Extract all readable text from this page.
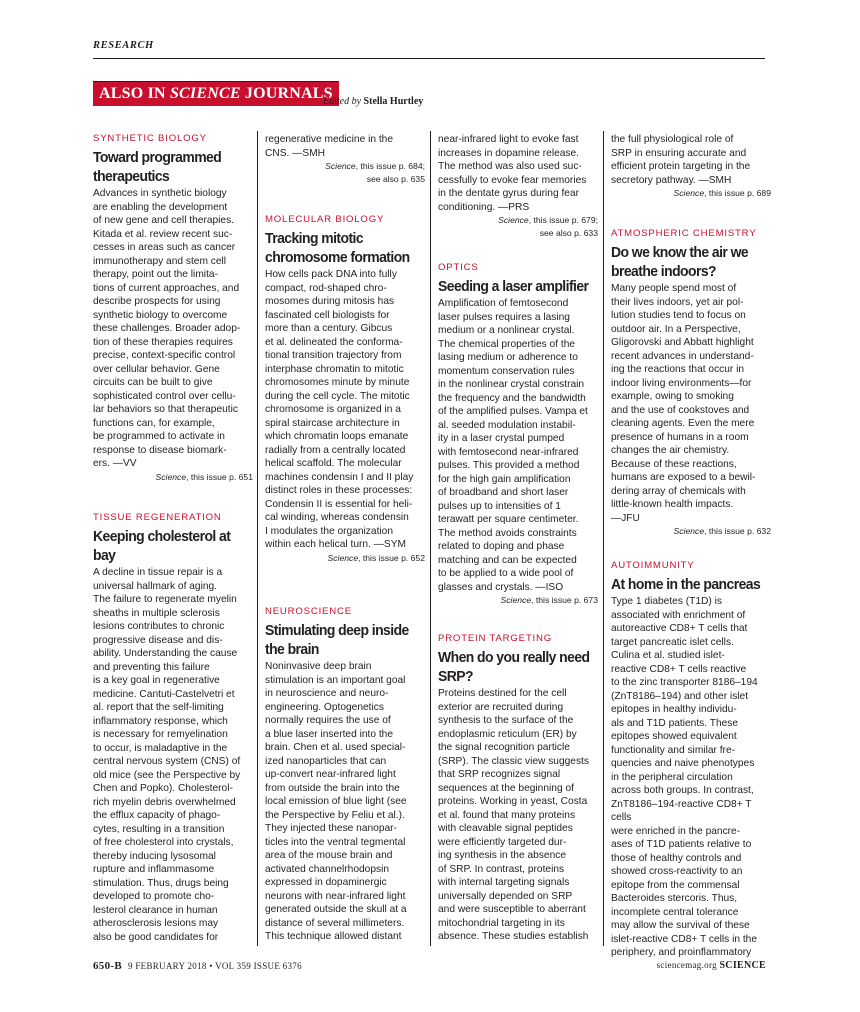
RESEARCH
ALSO IN SCIENCE JOURNALS
Edited by Stella Hurtley
SYNTHETIC BIOLOGY
Toward programmed therapeutics
Advances in synthetic biology
are enabling the development
of new gene and cell therapies.
Kitada et al. review recent suc-
cesses in areas such as cancer
immunotherapy and stem cell
therapy, point out the limita-
tions of current approaches, and
describe prospects for using
synthetic biology to overcome
these challenges. Broader adop-
tion of these therapies requires
precise, context-specific control
over cellular behavior. Gene
circuits can be built to give
sophisticated control over cellu-
lar behaviors so that therapeutic
functions can, for example,
be programmed to activate in
response to disease biomark-
ers. —VV
Science, this issue p. 651
TISSUE REGENERATION
Keeping cholesterol at bay
A decline in tissue repair is a
universal hallmark of aging.
The failure to regenerate myelin
sheaths in multiple sclerosis
lesions contributes to chronic
progressive disease and dis-
ability. Understanding the cause
and preventing this failure
is a key goal in regenerative
medicine. Cantuti-Castelvetri et
al. report that the self-limiting
inflammatory response, which
is necessary for remyelination
to occur, is maladaptive in the
central nervous system (CNS) of
old mice (see the Perspective by
Chen and Popko). Cholesterol-
rich myelin debris overwhelmed
the efflux capacity of phago-
cytes, resulting in a transition
of free cholesterol into crystals,
thereby inducing lysosomal
rupture and inflammasome
stimulation. Thus, drugs being
developed to promote cho-
lesterol clearance in human
atherosclerosis lesions may
also be good candidates for
regenerative medicine in the
CNS. —SMH
Science, this issue p. 684;
see also p. 635
MOLECULAR BIOLOGY
Tracking mitotic chromosome formation
How cells pack DNA into fully
compact, rod-shaped chro-
mosomes during mitosis has
fascinated cell biologists for
more than a century. Gibcus
et al. delineated the conforma-
tional transition trajectory from
interphase chromatin to mitotic
chromosomes minute by minute
during the cell cycle. The mitotic
chromosome is organized in a
spiral staircase architecture in
which chromatin loops emanate
radially from a centrally located
helical scaffold. The molecular
machines condensin I and II play
distinct roles in these processes:
Condensin II is essential for heli-
cal winding, whereas condensin
I modulates the organization
within each helical turn. —SYM
Science, this issue p. 652
NEUROSCIENCE
Stimulating deep inside the brain
Noninvasive deep brain
stimulation is an important goal
in neuroscience and neuro-
engineering. Optogenetics
normally requires the use of
a blue laser inserted into the
brain. Chen et al. used special-
ized nanoparticles that can
up-convert near-infrared light
from outside the brain into the
local emission of blue light (see
the Perspective by Feliu et al.).
They injected these nanopar-
ticles into the ventral tegmental
area of the mouse brain and
activated channelrhodopsin
expressed in dopaminergic
neurons with near-infrared light
generated outside the skull at a
distance of several millimeters.
This technique allowed distant
near-infrared light to evoke fast
increases in dopamine release.
The method was also used suc-
cessfully to evoke fear memories
in the dentate gyrus during fear
conditioning. —PRS
Science, this issue p. 679;
see also p. 633
OPTICS
Seeding a laser amplifier
Amplification of femtosecond
laser pulses requires a lasing
medium or a nonlinear crystal.
The chemical properties of the
lasing medium or adherence to
momentum conservation rules
in the nonlinear crystal constrain
the frequency and the bandwidth
of the amplified pulses. Vampa et
al. seeded modulation instabil-
ity in a laser crystal pumped
with femtosecond near-infrared
pulses. This provided a method
for the high gain amplification
of broadband and short laser
pulses up to intensities of 1
terawatt per square centimeter.
The method avoids constraints
related to doping and phase
matching and can be expected
to be applied to a wide pool of
glasses and crystals. —ISO
Science, this issue p. 673
PROTEIN TARGETING
When do you really need SRP?
Proteins destined for the cell
exterior are recruited during
synthesis to the surface of the
endoplasmic reticulum (ER) by
the signal recognition particle
(SRP). The classic view suggests
that SRP recognizes signal
sequences at the beginning of
proteins. Working in yeast, Costa
et al. found that many proteins
with cleavable signal peptides
were efficiently targeted dur-
ing synthesis in the absence
of SRP. In contrast, proteins
with internal targeting signals
universally depended on SRP
and were susceptible to aberrant
mitochondrial targeting in its
absence. These studies establish
the full physiological role of
SRP in ensuring accurate and
efficient protein targeting in the
secretory pathway. —SMH
Science, this issue p. 689
ATMOSPHERIC CHEMISTRY
Do we know the air we breathe indoors?
Many people spend most of
their lives indoors, yet air pol-
lution studies tend to focus on
outdoor air. In a Perspective,
Gligorovski and Abbatt highlight
recent advances in understand-
ing the reactions that occur in
indoor living environments—for
example, owing to smoking
and the use of cookstoves and
cleaning agents. Even the mere
presence of humans in a room
changes the air chemistry.
Because of these reactions,
humans are exposed to a bewil-
dering array of chemicals with
little-known health impacts.
—JFU
Science, this issue p. 632
AUTOIMMUNITY
At home in the pancreas
Type 1 diabetes (T1D) is
associated with enrichment of
autoreactive CD8+ T cells that
target pancreatic islet cells.
Culina et al. studied islet-
reactive CD8+ T cells reactive
to the zinc transporter 8186–194
(ZnT8186–194) and other islet
epitopes in healthy individu-
als and T1D patients. These
epitopes showed equivalent
functionality and similar fre-
quencies and naive phenotypes
in the peripheral circulation
across both groups. In contrast,
ZnT8186–194-reactive CD8+ T cells
were enriched in the pancre-
ases of T1D patients relative to
those of healthy controls and
showed cross-reactivity to an
epitope from the commensal
Bacteroides stercoris. Thus,
incomplete central tolerance
may allow the survival of these
islet-reactive CD8+ T cells in the
periphery, and proinflammatory
650-B 9 FEBRUARY 2018 • VOL 359 ISSUE 6376	sciencemag.org SCIENCE
